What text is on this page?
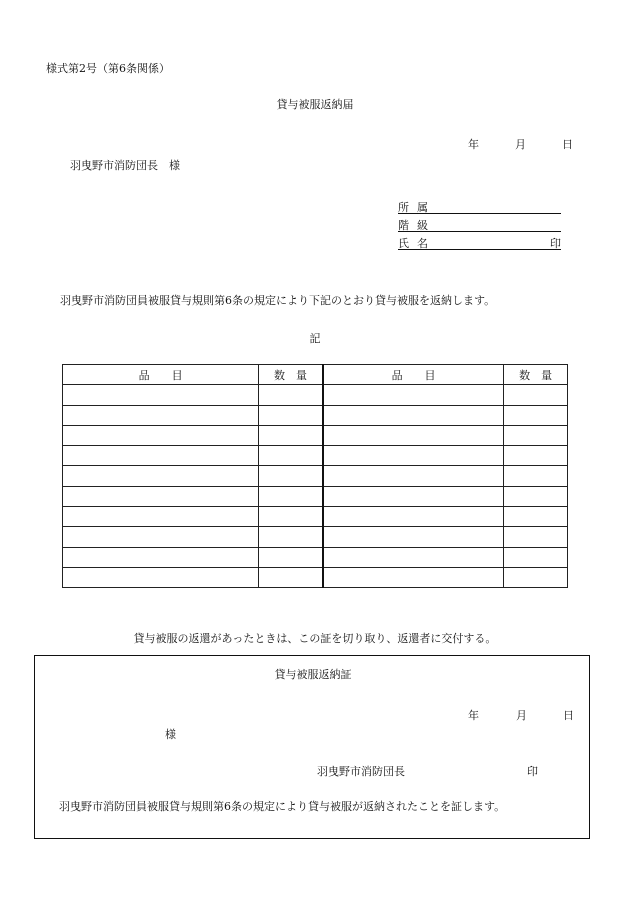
様式第2号（第6条関係）
貸与被服返納届
年	月	日
羽曳野市消防団長　様
所属
階級
氏名	印
羽曳野市消防団員被服貸与規則第6条の規定により下記のとおり貸与被服を返納します。
記
品　　目	数　量	品　　目	数　量

貸与被服の返還があったときは、この証を切り取り、返還者に交付する。
貸与被服返納証
年	月	日
様
羽曳野市消防団長	印
羽曳野市消防団員被服貸与規則第6条の規定により貸与被服が返納されたことを証します。
